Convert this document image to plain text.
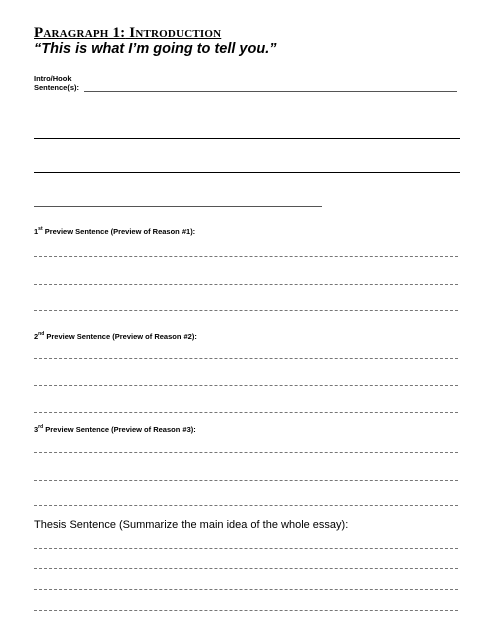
Paragraph 1: Introduction
“This is what I’m going to tell you.”
Intro/Hook
Sentence(s):
1st Preview Sentence (Preview of Reason #1):
2nd Preview Sentence (Preview of Reason #2):
3rd Preview Sentence (Preview of Reason #3):
Thesis Sentence (Summarize the main idea of the whole essay):
